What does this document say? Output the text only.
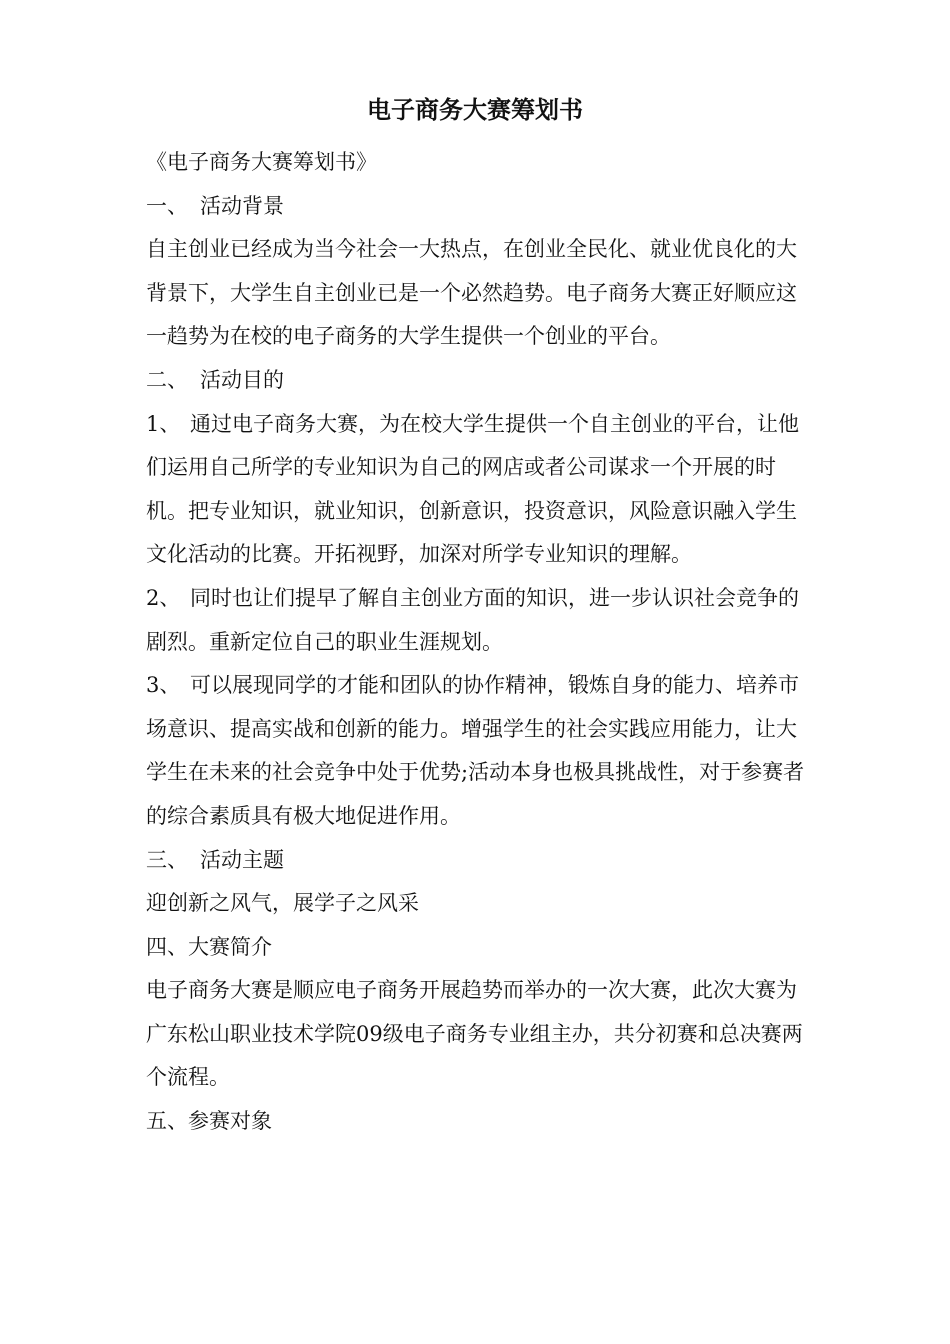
电子商务大赛筹划书

《电子商务大赛筹划书》

一、 活动背景

自主创业已经成为当今社会一大热点，在创业全民化、就业优良化的大背景下，大学生自主创业已是一个必然趋势。电子商务大赛正好顺应这一趋势为在校的电子商务的大学生提供一个创业的平台。

二、 活动目的

1、 通过电子商务大赛，为在校大学生提供一个自主创业的平台，让他们运用自己所学的专业知识为自己的网店或者公司谋求一个开展的时机。把专业知识，就业知识，创新意识，投资意识，风险意识融入学生文化活动的比赛。开拓视野，加深对所学专业知识的理解。

2、 同时也让们提早了解自主创业方面的知识，进一步认识社会竞争的剧烈。重新定位自己的职业生涯规划。

3、 可以展现同学的才能和团队的协作精神，锻炼自身的能力、培养市场意识、提高实战和创新的能力。增强学生的社会实践应用能力，让大学生在未来的社会竞争中处于优势;活动本身也极具挑战性，对于参赛者的综合素质具有极大地促进作用。

三、 活动主题

迎创新之风气，展学子之风采

四、大赛简介

电子商务大赛是顺应电子商务开展趋势而举办的一次大赛，此次大赛为广东松山职业技术学院09级电子商务专业组主办，共分初赛和总决赛两个流程。

五、参赛对象
